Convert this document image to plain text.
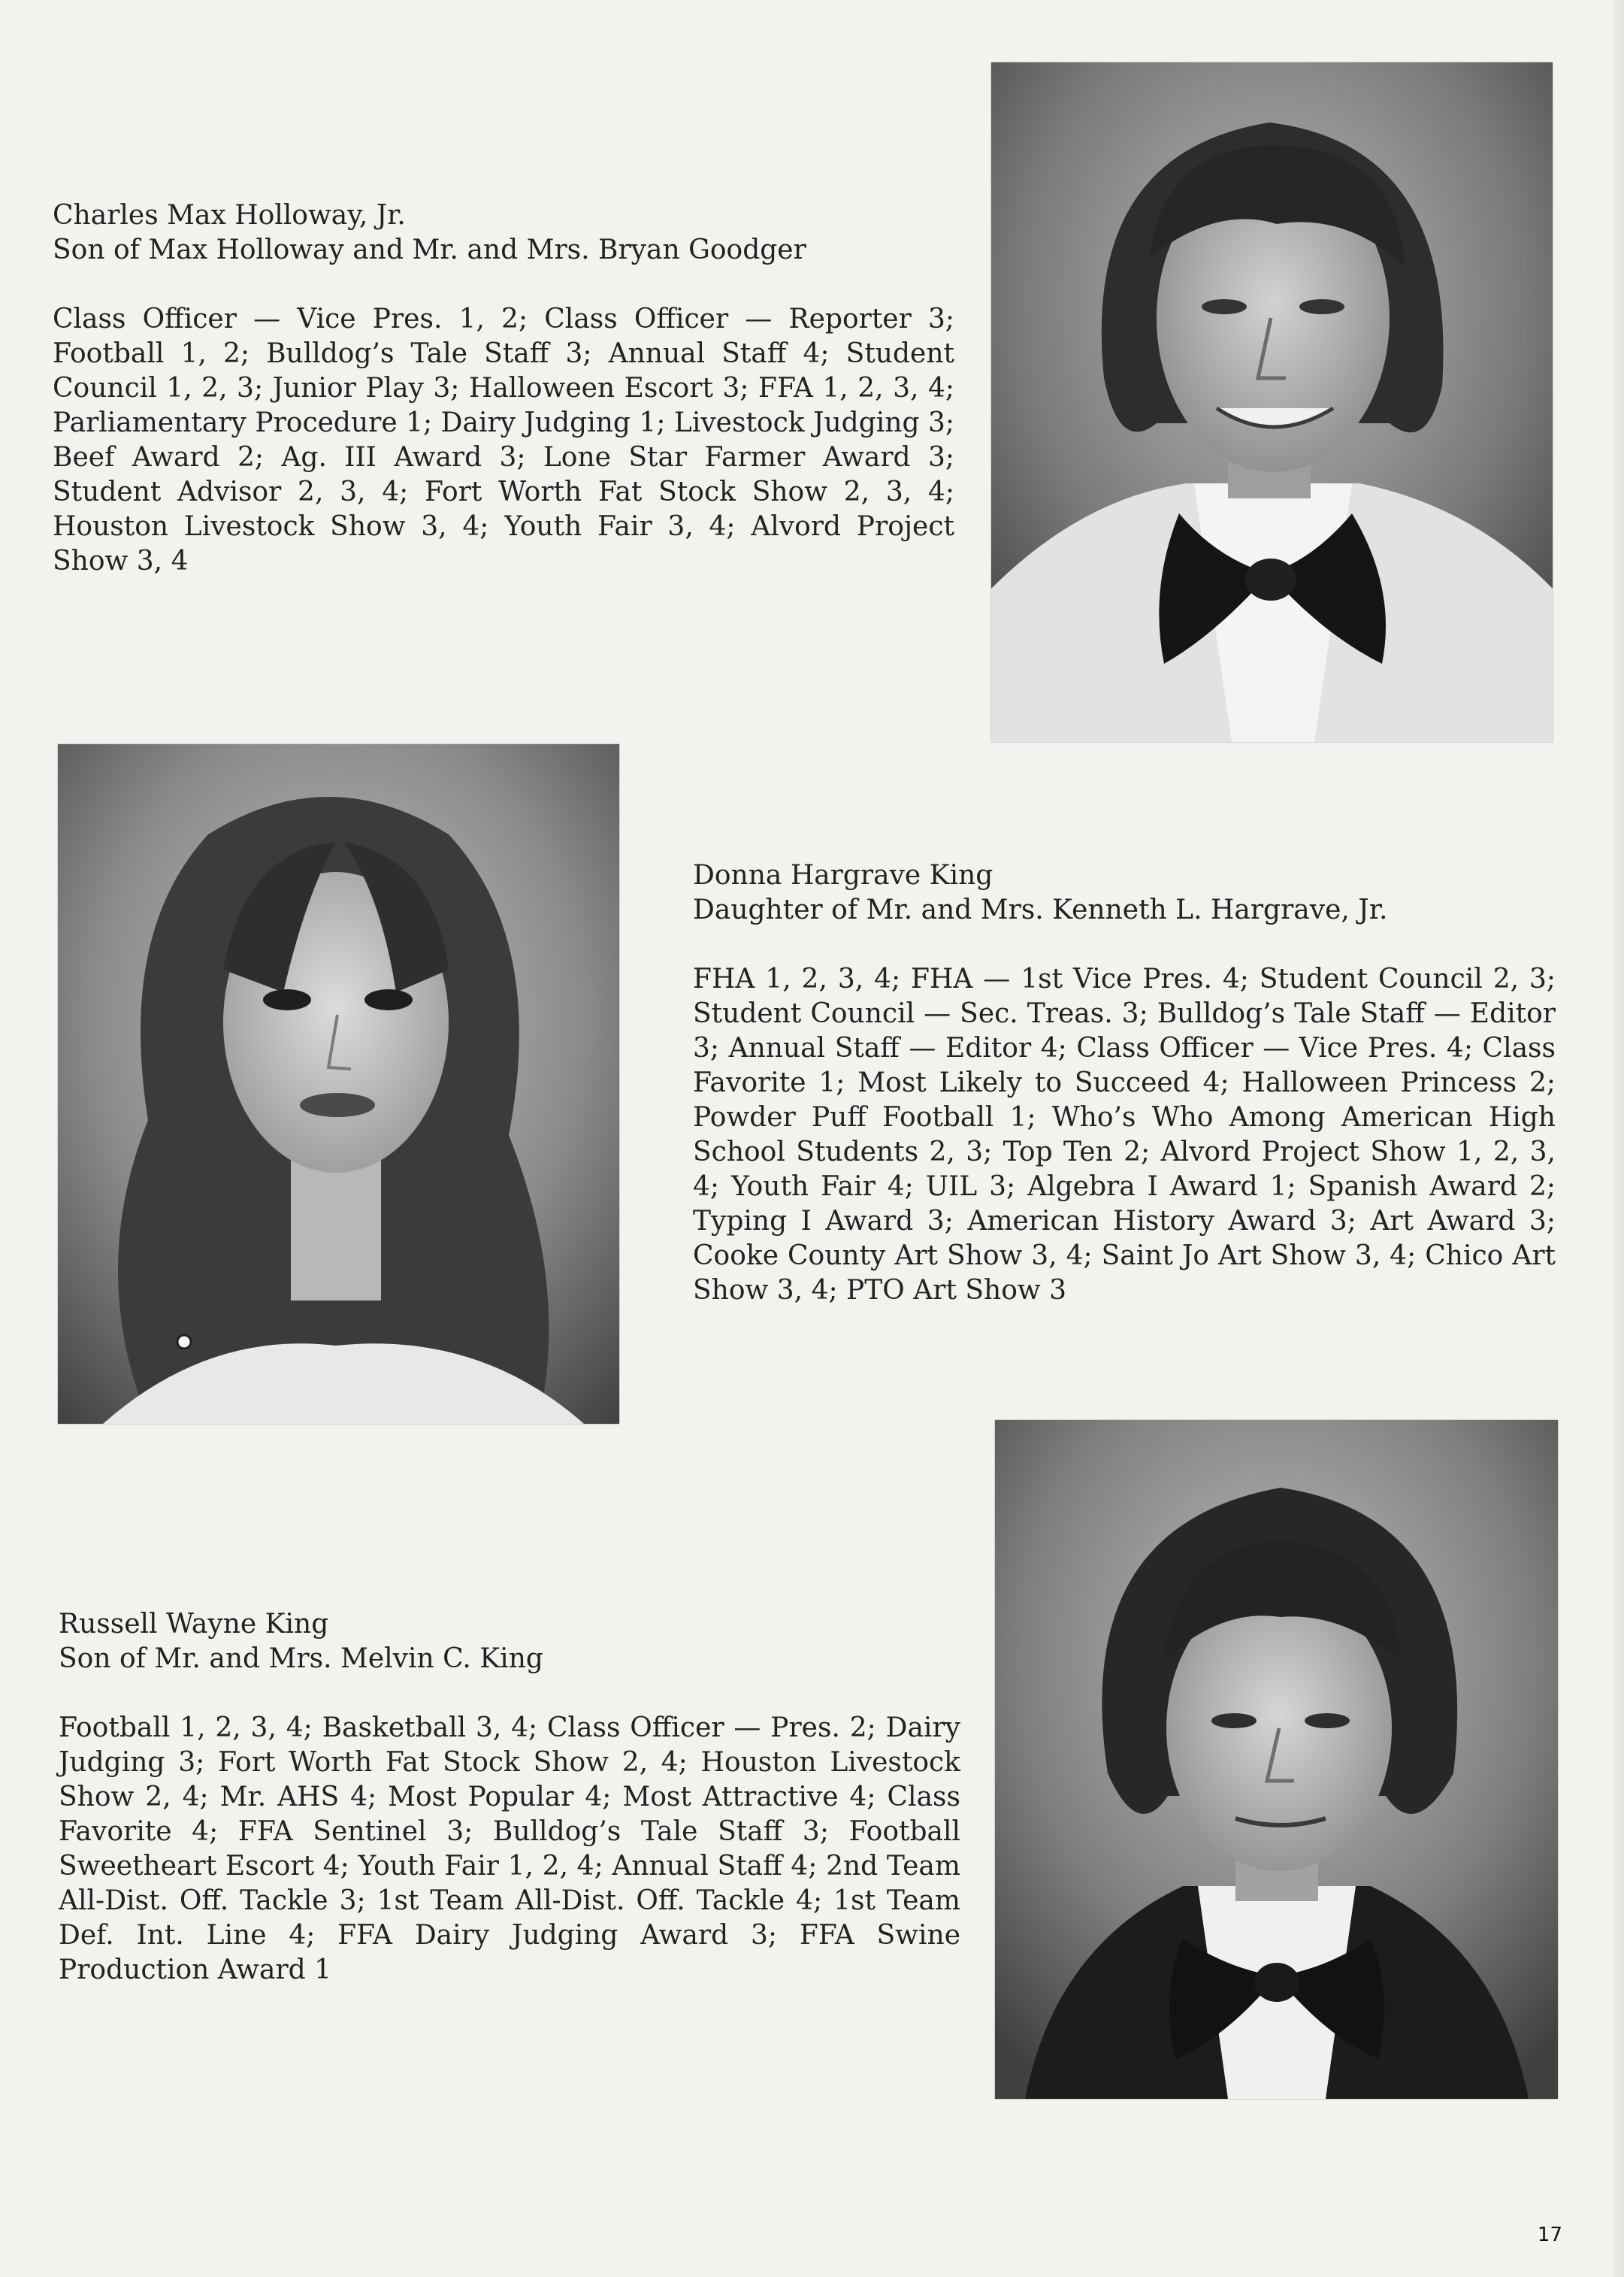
Charles Max Holloway, Jr.
Son of Max Holloway and Mr. and Mrs. Bryan Goodger
Class Officer — Vice Pres. 1, 2; Class Officer — Reporter 3; Football 1, 2; Bulldog’s Tale Staff 3; Annual Staff 4; Student Council 1, 2, 3; Junior Play 3; Halloween Escort 3; FFA 1, 2, 3, 4; Parliamentary Procedure 1; Dairy Judging 1; Livestock Judging 3; Beef Award 2; Ag. III Award 3; Lone Star Farmer Award 3; Student Advisor 2, 3, 4; Fort Worth Fat Stock Show 2, 3, 4; Houston Livestock Show 3, 4; Youth Fair 3, 4; Alvord Project Show 3, 4
Donna Hargrave King
Daughter of Mr. and Mrs. Kenneth L. Hargrave, Jr.
FHA 1, 2, 3, 4; FHA — 1st Vice Pres. 4; Student Council 2, 3; Student Council — Sec. Treas. 3; Bulldog’s Tale Staff — Editor 3; Annual Staff — Editor 4; Class Officer — Vice Pres. 4; Class Favorite 1; Most Likely to Succeed 4; Halloween Princess 2; Powder Puff Football 1; Who’s Who Among American High School Students 2, 3; Top Ten 2; Alvord Project Show 1, 2, 3, 4; Youth Fair 4; UIL 3; Algebra I Award 1; Spanish Award 2; Typing I Award 3; American History Award 3; Art Award 3; Cooke County Art Show 3, 4; Saint Jo Art Show 3, 4; Chico Art Show 3, 4; PTO Art Show 3
Russell Wayne King
Son of Mr. and Mrs. Melvin C. King
Football 1, 2, 3, 4; Basketball 3, 4; Class Officer — Pres. 2; Dairy Judging 3; Fort Worth Fat Stock Show 2, 4; Houston Livestock Show 2, 4; Mr. AHS 4; Most Popular 4; Most Attractive 4; Class Favorite 4; FFA Sentinel 3; Bulldog’s Tale Staff 3; Football Sweetheart Escort 4; Youth Fair 1, 2, 4; Annual Staff 4; 2nd Team All-Dist. Off. Tackle 3; 1st Team All-Dist. Off. Tackle 4; 1st Team Def. Int. Line 4; FFA Dairy Judging Award 3; FFA Swine Production Award 1
17
